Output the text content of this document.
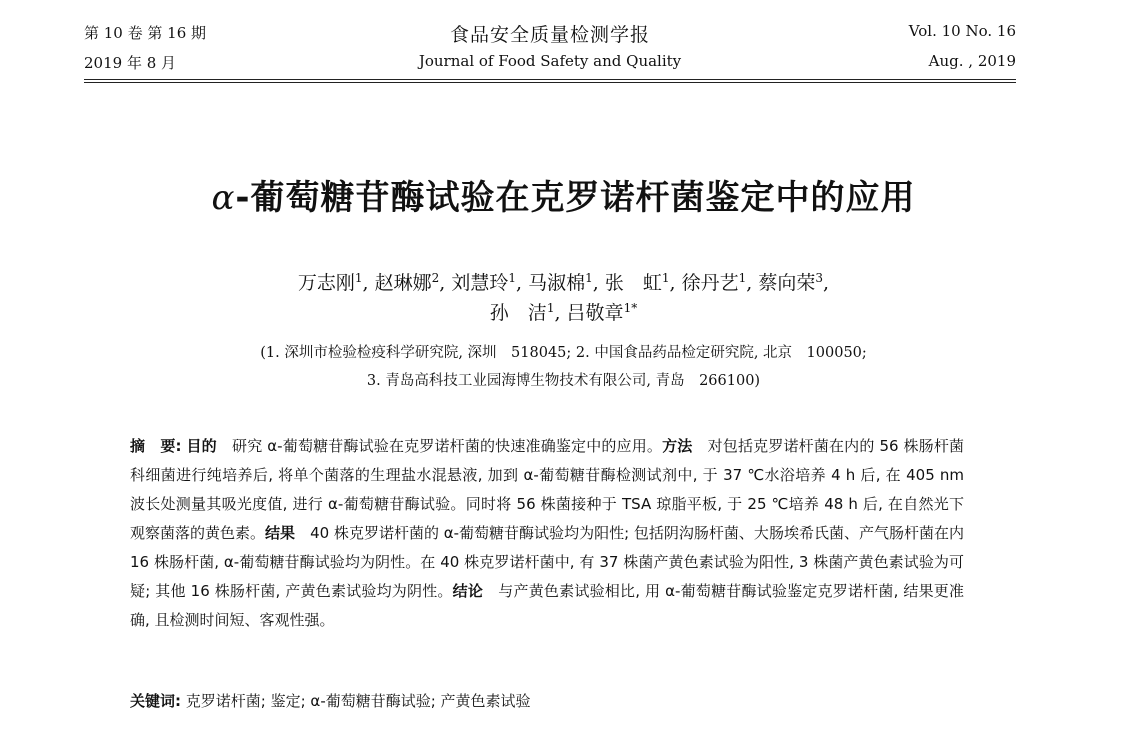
第 10 卷 第 16 期	食品安全质量检测学报	Vol. 10 No. 16
2019 年 8 月	Journal of Food Safety and Quality	Aug. , 2019
α-葡萄糖苷酶试验在克罗诺杆菌鉴定中的应用
万志刚$^1$, 赵琳娜$^2$, 刘慧玲$^1$, 马淑棉$^1$, 张　虹$^1$, 徐丹艺$^1$, 蔡向荣$^3$,
孙　洁$^1$, 吕敬章$^{1*}$
(1. 深圳市检验检疫科学研究院, 深圳　518045; 2. 中国食品药品检定研究院, 北京　100050;
3. 青岛高科技工业园海博生物技术有限公司, 青岛　266100)
摘　要: 目的　 研究 α-葡萄糖苷酶试验在克罗诺杆菌的快速准确鉴定中的应用。方法　 对包括克罗诺杆菌在内的 56 株肠杆菌科细菌进行纯培养后, 将单个菌落的生理盐水混悬液, 加到 α-葡萄糖苷酶检测试剂中, 于 37 ℃水浴培养 4 h 后, 在 405 nm 波长处测量其吸光度值, 进行 α-葡萄糖苷酶试验。同时将 56 株菌接种于 TSA 琼脂平板, 于 25 ℃培养 48 h 后, 在自然光下观察菌落的黄色素。结果　 40 株克罗诺杆菌的 α-葡萄糖苷酶试验均为阳性; 包括阴沟肠杆菌、大肠埃希氏菌、产气肠杆菌在内 16 株肠杆菌, α-葡萄糖苷酶试验均为阴性。在 40 株克罗诺杆菌中, 有 37 株菌产黄色素试验为阳性, 3 株菌产黄色素试验为可疑; 其他 16 株肠杆菌, 产黄色素试验均为阴性。结论　 与产黄色素试验相比, 用 α-葡萄糖苷酶试验鉴定克罗诺杆菌, 结果更准确, 且检测时间短、客观性强。
关键词: 克罗诺杆菌; 鉴定; α-葡萄糖苷酶试验; 产黄色素试验
